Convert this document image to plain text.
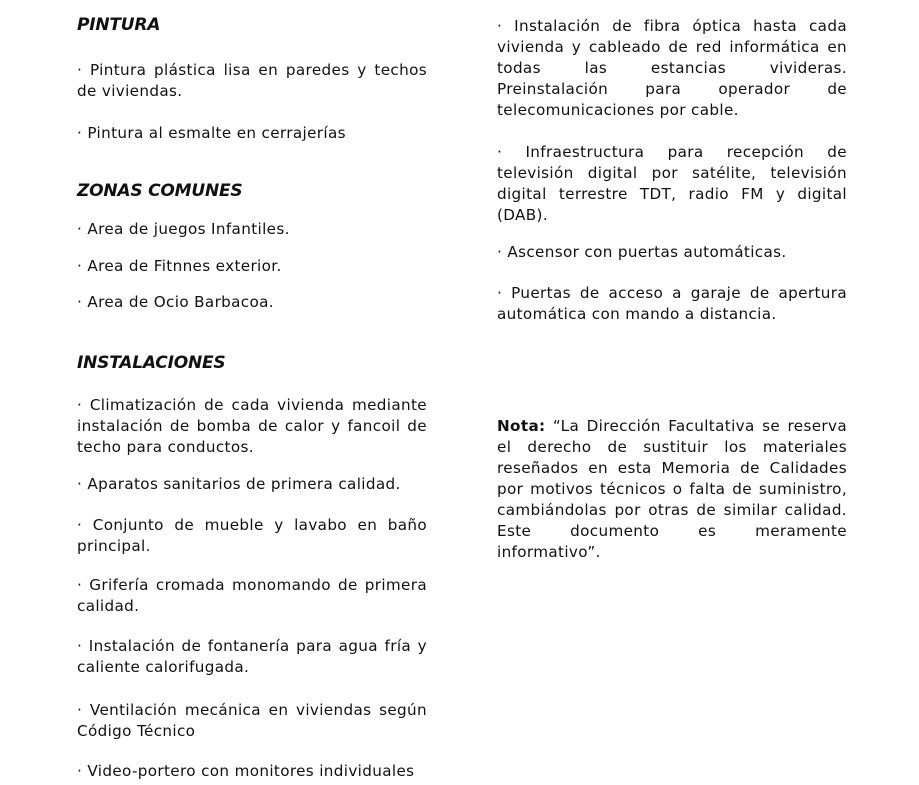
PINTURA

· Pintura plástica lisa en paredes y techos de viviendas.

· Pintura al esmalte en cerrajerías

ZONAS COMUNES

· Area de juegos Infantiles.

· Area de Fitnnes exterior.

· Area de Ocio Barbacoa.

INSTALACIONES

· Climatización de cada vivienda mediante instalación de bomba de calor y fancoil de techo para conductos.

· Aparatos sanitarios de primera calidad.

· Conjunto de mueble y lavabo en baño principal.

· Grifería cromada monomando de primera calidad.

· Instalación de fontanería para agua fría y caliente calorifugada.

· Ventilación mecánica en viviendas según Código Técnico

· Video-portero con monitores individuales

· Instalación de fibra óptica hasta cada vivienda y cableado de red informática en todas las estancias vivideras. Preinstalación para operador de telecomunicaciones por cable.

· Infraestructura para recepción de televisión digital por satélite, televisión digital terrestre TDT, radio FM y digital (DAB).

· Ascensor con puertas automáticas.

· Puertas de acceso a garaje de apertura automática con mando a distancia.

Nota: “La Dirección Facultativa se reserva el derecho de sustituir los materiales reseñados en esta Memoria de Calidades por motivos técnicos o falta de suministro, cambiándolas por otras de similar calidad. Este documento es meramente informativo”.
